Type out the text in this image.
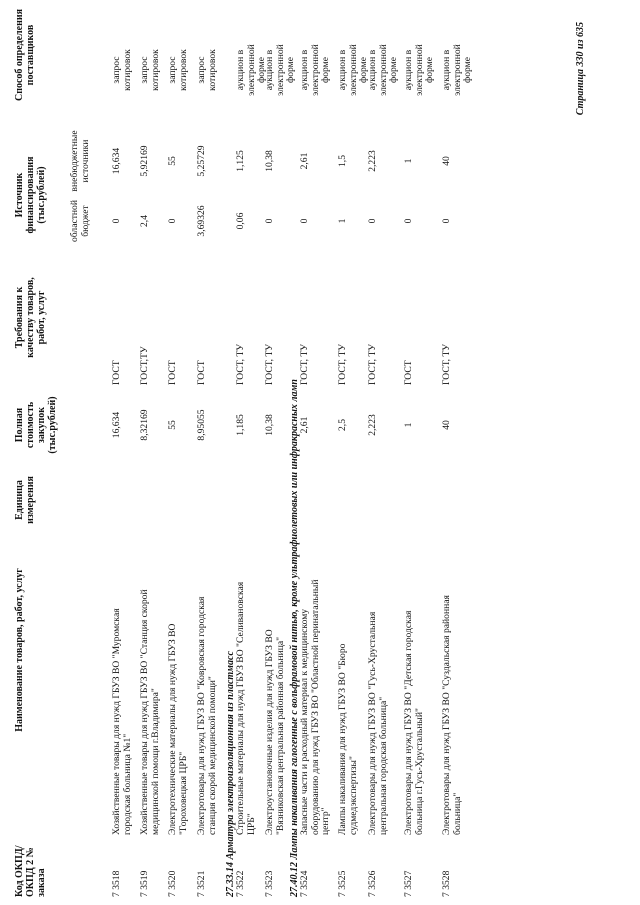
Код ОКПД/ ОКПД 2 № заказа
Наименование товаров, работ, услуг
Единица измерения
Полная стоимость закупок (тыс.рублей)
Требования к качеству товаров, работ, услуг
Источник финансирования (тыс.рублей) областной бюджет
внебюджетные источники
Способ определения поставщиков
7 3518
Хозяйственные товары для нужд ГБУЗ ВО "Муромская городская больница №1"
16,634
ГОСТ
0
16,634
запрос котировок
7 3519
Хозяйственные товары для нужд ГБУЗ ВО "Станция скорой медицинской помощи г.Владимира"
8,32169
ГОСТ,ТУ
2,4
5,92169
запрос котировок
7 3520
Электротехнические материалы для нужд ГБУЗ ВО "Гороховецкая ЦРБ"
55
ГОСТ
0
55
запрос котировок
7 3521
Электротовары для нужд ГБУЗ ВО "Ковровская городская станция скорой медицинской помощи"
8,95055
ГОСТ
3,69326
5,25729
запрос котировок
27.33.14 Арматура электроизоляционная из пластмасс 7 3522
Строительные материалы для нужд ГБУЗ ВО "Селивановская ЦРБ"
1,185
ГОСТ, ТУ
0,06
1,125
аукцион в электронной форме
7 3523
Электроустановочные изделия для нужд ГБУЗ ВО "Вязниковская центральная районная больница"
10,38
ГОСТ, ТУ
0
10,38
аукцион в электронной форме
27.40.12 Лампы накаливания галогенные с вольфрамовой нитью, кроме ультрафиолетовых или инфракрасных ламп 7 3524
Запасные части и расходный материал к медицинскому оборудованию для нужд ГБУЗ ВО "Областной перинатальный центр"
2,61
ГОСТ, ТУ
0
2,61
аукцион в электронной форме
7 3525
Лампы накаливания для нужд ГБУЗ ВО "Бюро судмедэкспертизы"
2,5
ГОСТ, ТУ
1
1,5
аукцион в электронной форме
7 3526
Электротовары для нужд ГБУЗ ВО "Гусь-Хрустальная центральная городская больница"
2,223
ГОСТ, ТУ
0
2,223
аукцион в электронной форме
7 3527
Электротовары для нужд ГБУЗ ВО "Детская городская больница г.Гусь-Хрустальный"
1
ГОСТ
0
1
аукцион в электронной форме
7 3528
Электротовары для нужд ГБУЗ ВО "Суздальская районная больница"
40
ГОСТ, ТУ
0
40
аукцион в электронной форме	Страница 330 из 635
